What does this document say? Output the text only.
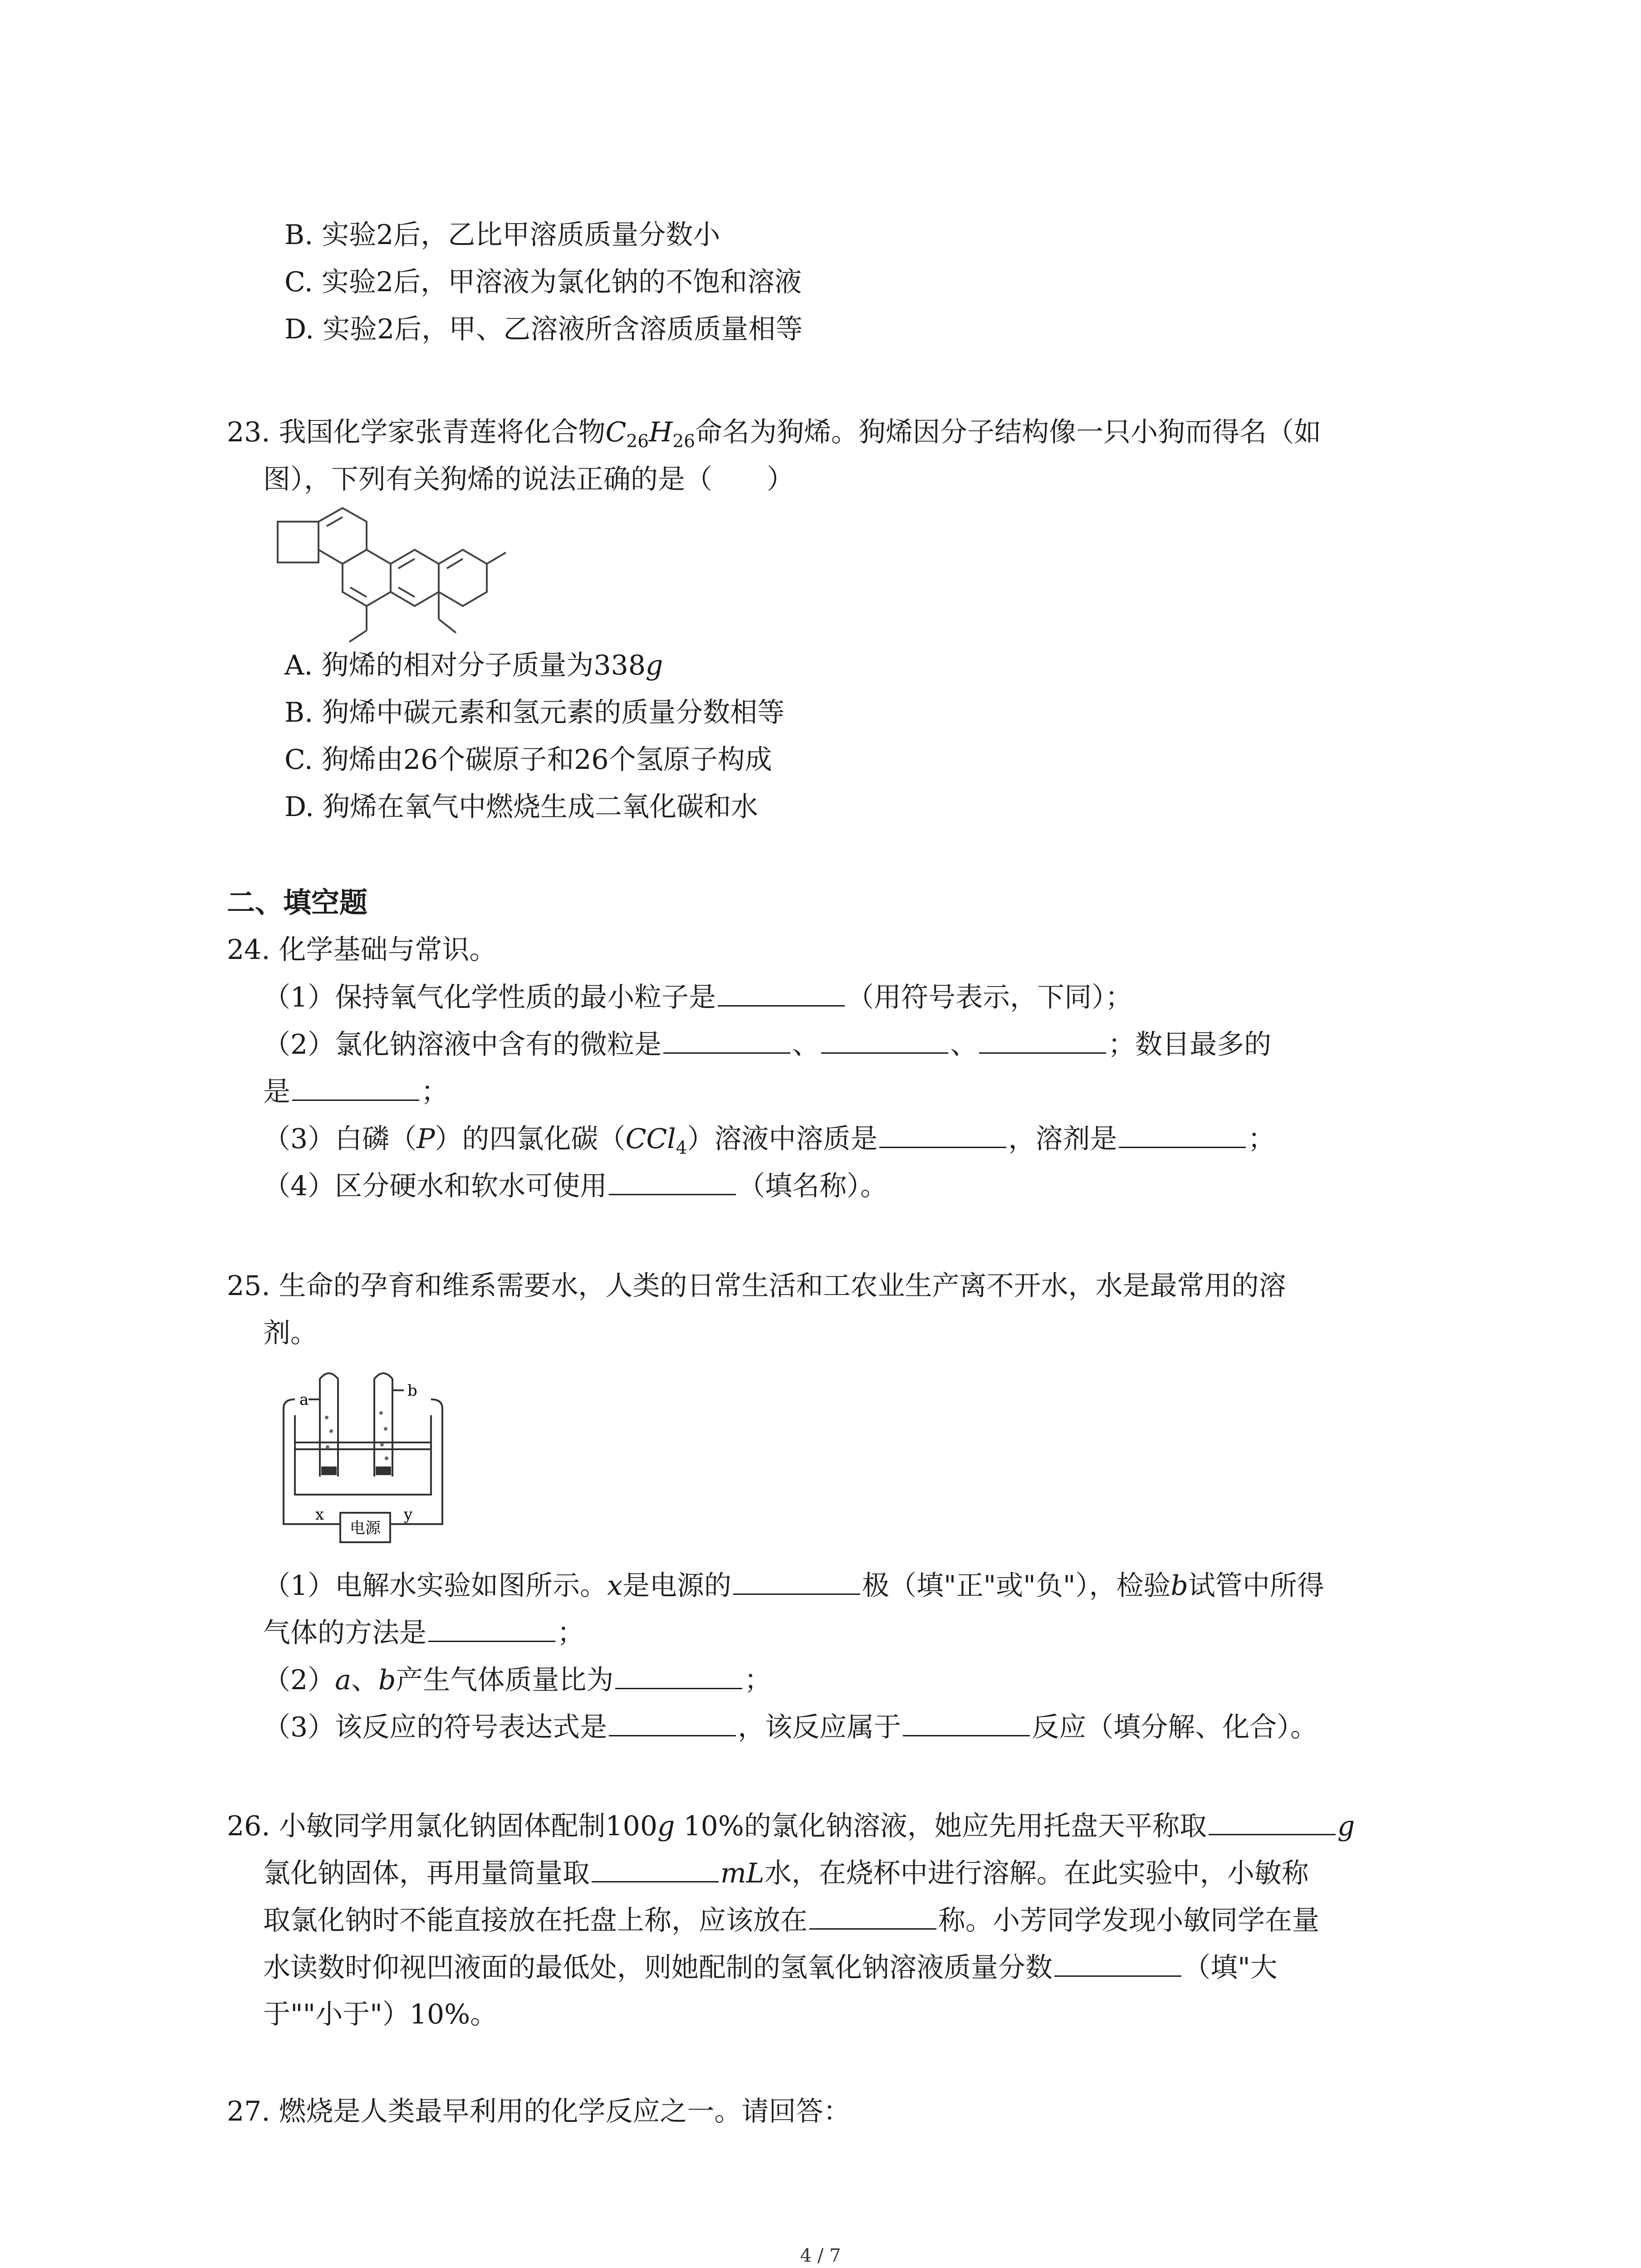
B. 实验2后，乙比甲溶质质量分数小
C. 实验2后，甲溶液为氯化钠的不饱和溶液
D. 实验2后，甲、乙溶液所含溶质质量相等
23. 我国化学家张青莲将化合物$C_{26}H_{26}$命名为狗烯。狗烯因分子结构像一只小狗而得名（如
图），下列有关狗烯的说法正确的是（　　）
A. 狗烯的相对分子质量为338g
B. 狗烯中碳元素和氢元素的质量分数相等
C. 狗烯由26个碳原子和26个氢原子构成
D. 狗烯在氧气中燃烧生成二氧化碳和水
二、填空题
24. 化学基础与常识。
（1）保持氧气化学性质的最小粒子是	（用符号表示，下同）；
（2）氯化钠溶液中含有的微粒是	、	、	；数目最多的
是	；
（3）白磷（P）的四氯化碳（CCl$_4$）溶液中溶质是	，溶剂是	；
（4）区分硬水和软水可使用	（填名称）。
25. 生命的孕育和维系需要水，人类的日常生活和工农业生产离不开水，水是最常用的溶
剂。
a	b
x	y
电源
（1）电解水实验如图所示。x是电源的	极（填"正"或"负"），检验b试管中所得
气体的方法是	；
（2）a、b产生气体质量比为	；
（3）该反应的符号表达式是	，该反应属于	反应（填分解、化合）。
26. 小敏同学用氯化钠固体配制100g 10%的氯化钠溶液，她应先用托盘天平称取	g
氯化钠固体，再用量筒量取	mL水，在烧杯中进行溶解。在此实验中，小敏称
取氯化钠时不能直接放在托盘上称，应该放在	称。小芳同学发现小敏同学在量
水读数时仰视凹液面的最低处，则她配制的氢氧化钠溶液质量分数	（填"大
于""小于"）10%。
27. 燃烧是人类最早利用的化学反应之一。请回答：
4 / 7
